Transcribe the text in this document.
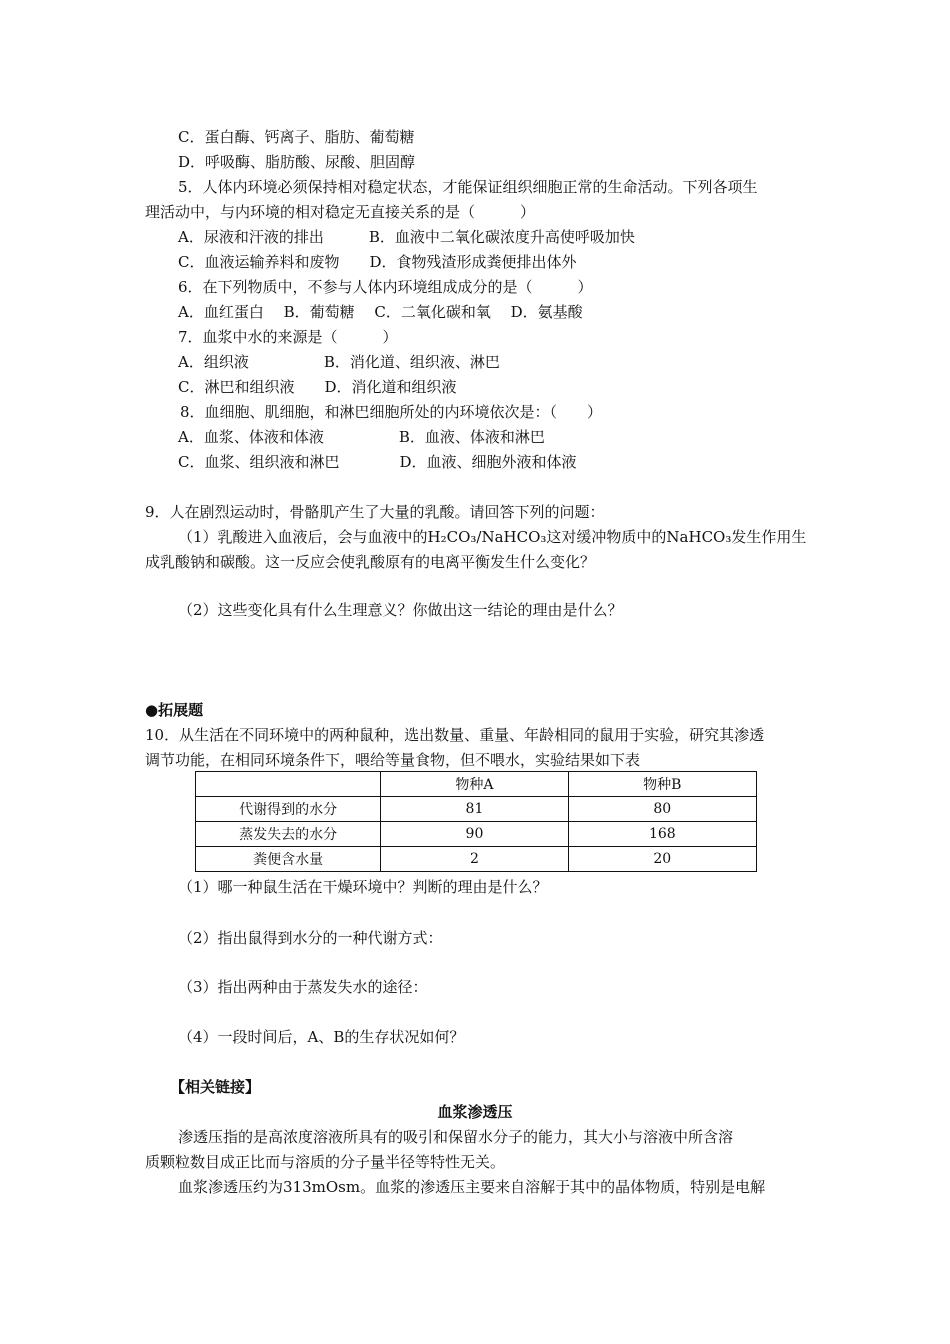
C．蛋白酶、钙离子、脂肪、葡萄糖
D．呼吸酶、脂肪酸、尿酸、胆固醇
5．人体内环境必须保持相对稳定状态，才能保证组织细胞正常的生命活动。下列各项生
理活动中，与内环境的相对稳定无直接关系的是（　　　）
A．尿液和汗液的排出　　　B．血液中二氧化碳浓度升高使呼吸加快
C．血液运输养料和废物　　D．食物残渣形成粪便排出体外
6．在下列物质中，不参与人体内环境组成成分的是（　　　）
A．血红蛋白　 B．葡萄糖　 C．二氧化碳和氧　 D．氨基酸
7．血浆中水的来源是（　　　）
A．组织液　　　　　B．消化道、组织液、淋巴
C．淋巴和组织液　　D．消化道和组织液
8．血细胞、肌细胞，和淋巴细胞所处的内环境依次是：（　　）
A．血浆、体液和体液　　　　　B．血液、体液和淋巴
C．血浆、组织液和淋巴　　　　D．血液、细胞外液和体液
9．人在剧烈运动时，骨骼肌产生了大量的乳酸。请回答下列的问题：
（1）乳酸进入血液后，会与血液中的H₂CO₃/NaHCO₃这对缓冲物质中的NaHCO₃发生作用生
成乳酸钠和碳酸。这一反应会使乳酸原有的电离平衡发生什么变化？
（2）这些变化具有什么生理意义？你做出这一结论的理由是什么？
●拓展题
10．从生活在不同环境中的两种鼠种，选出数量、重量、年龄相同的鼠用于实验，研究其渗透
调节功能，在相同环境条件下，喂给等量食物，但不喂水，实验结果如下表
	物种A	物种B
代谢得到的水分	81	80
蒸发失去的水分	90	168
粪便含水量	2	20
（1）哪一种鼠生活在干燥环境中？判断的理由是什么？
（2）指出鼠得到水分的一种代谢方式：
（3）指出两种由于蒸发失水的途径：
（4）一段时间后，A、B的生存状况如何？
【相关链接】
血浆渗透压
渗透压指的是高浓度溶液所具有的吸引和保留水分子的能力，其大小与溶液中所含溶
质颗粒数目成正比而与溶质的分子量半径等特性无关。
血浆渗透压约为313mOsm。血浆的渗透压主要来自溶解于其中的晶体物质，特别是电解
